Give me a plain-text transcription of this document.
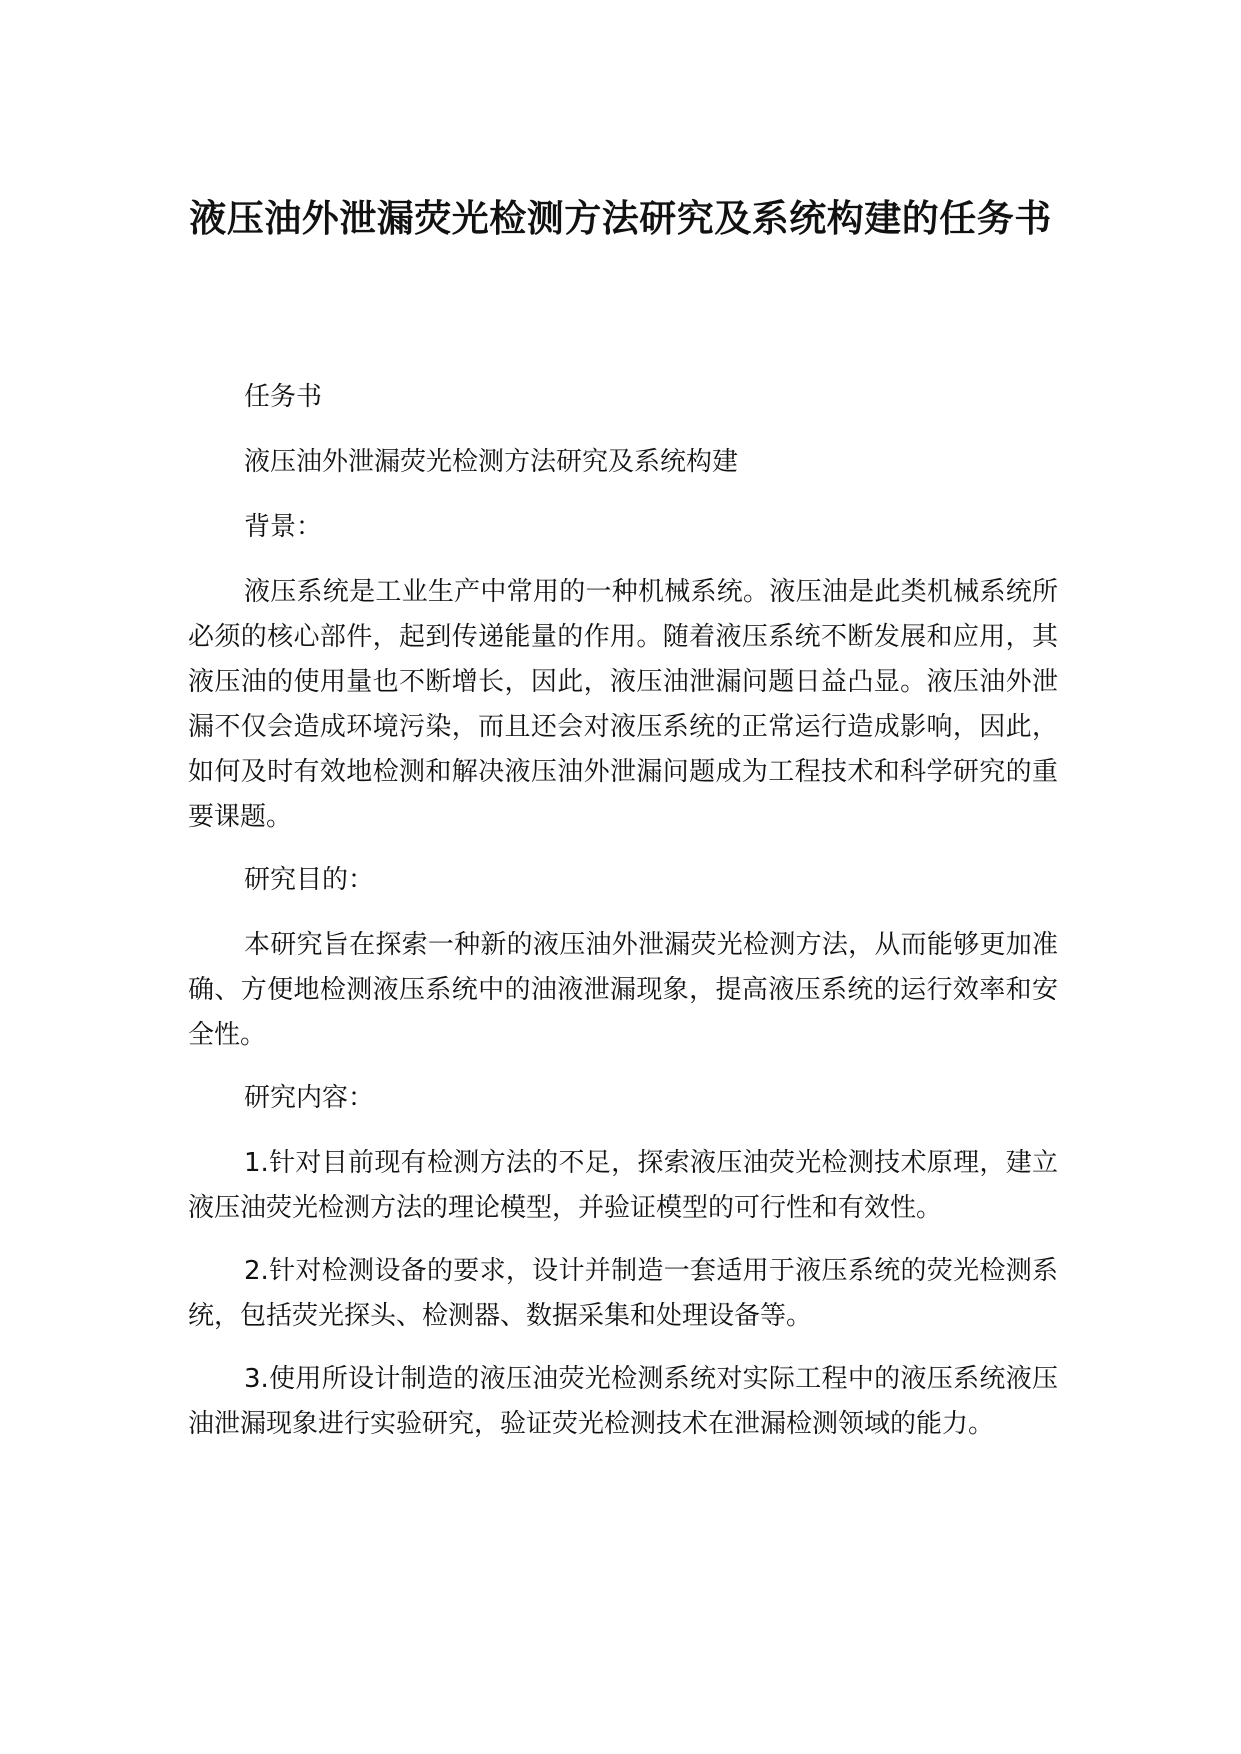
液压油外泄漏荧光检测方法研究及系统构建的任务书

任务书

液压油外泄漏荧光检测方法研究及系统构建

背景：

液压系统是工业生产中常用的一种机械系统。液压油是此类机械系统所必须的核心部件，起到传递能量的作用。随着液压系统不断发展和应用，其液压油的使用量也不断增长，因此，液压油泄漏问题日益凸显。液压油外泄漏不仅会造成环境污染，而且还会对液压系统的正常运行造成影响，因此，如何及时有效地检测和解决液压油外泄漏问题成为工程技术和科学研究的重要课题。

研究目的：

本研究旨在探索一种新的液压油外泄漏荧光检测方法，从而能够更加准确、方便地检测液压系统中的油液泄漏现象，提高液压系统的运行效率和安全性。

研究内容：

1.针对目前现有检测方法的不足，探索液压油荧光检测技术原理，建立液压油荧光检测方法的理论模型，并验证模型的可行性和有效性。

2.针对检测设备的要求，设计并制造一套适用于液压系统的荧光检测系统，包括荧光探头、检测器、数据采集和处理设备等。

3.使用所设计制造的液压油荧光检测系统对实际工程中的液压系统液压油泄漏现象进行实验研究，验证荧光检测技术在泄漏检测领域的能力。
